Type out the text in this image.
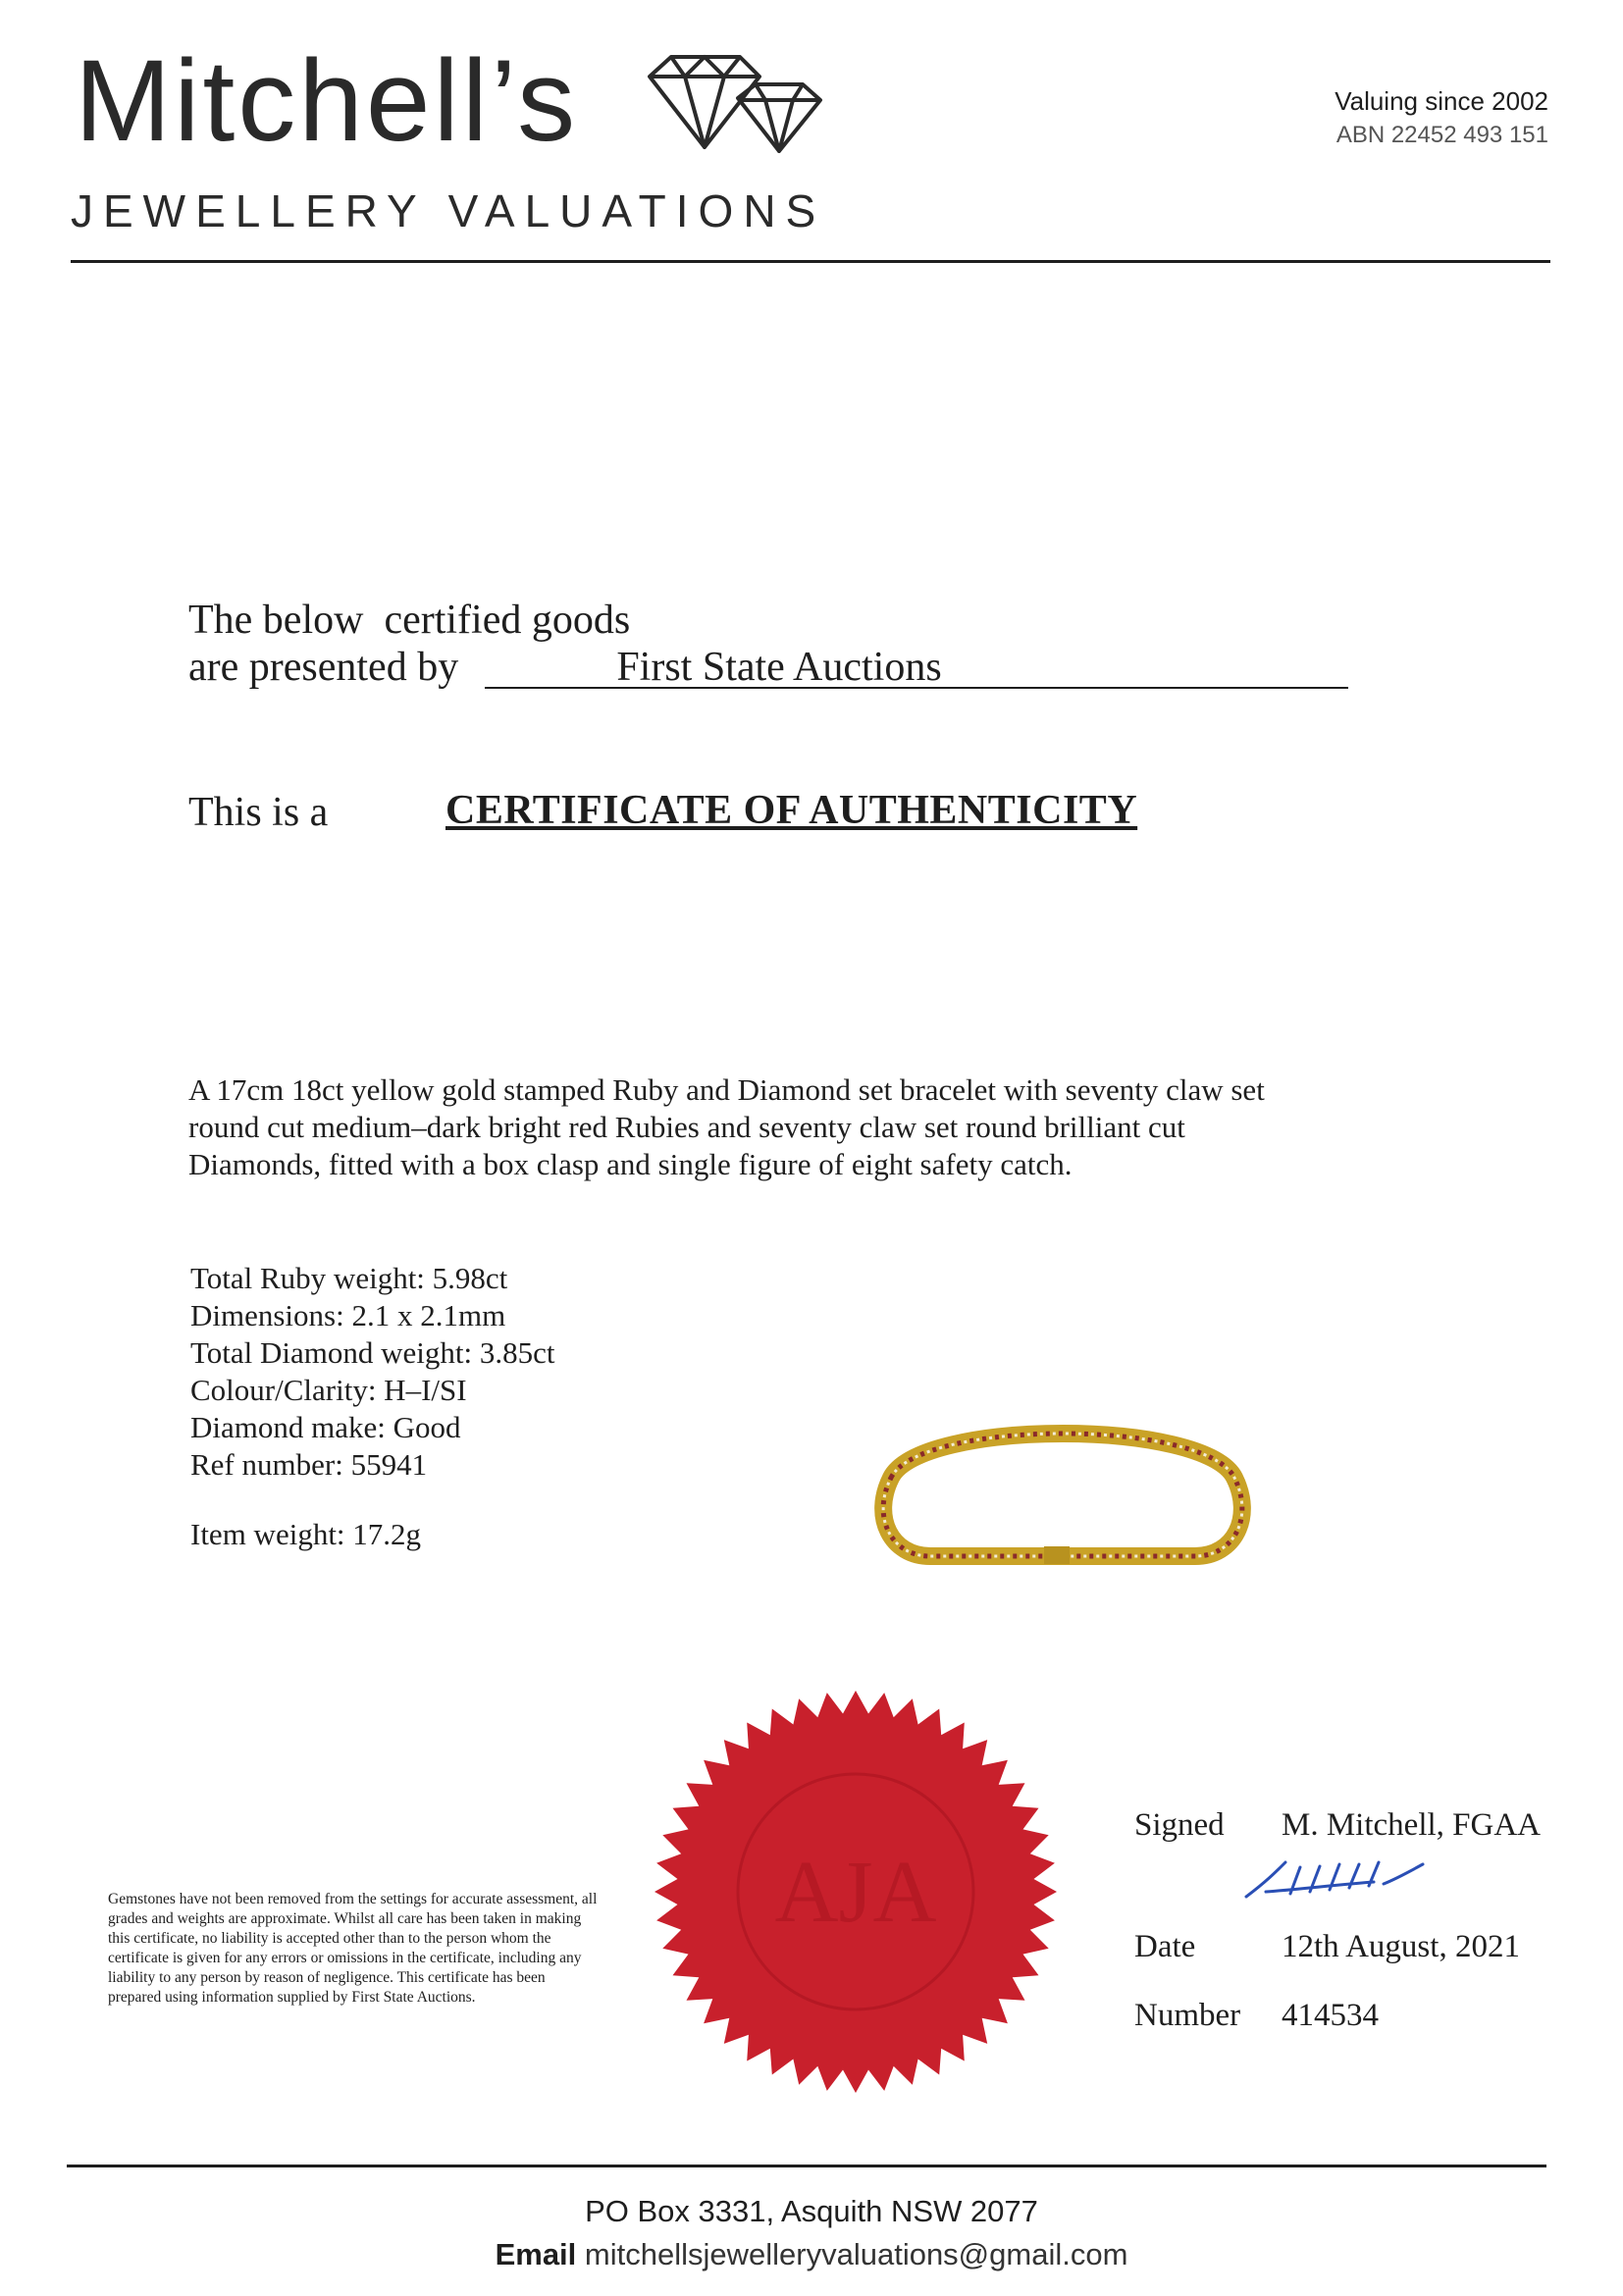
Mitchell’s
JEWELLERY VALUATIONS
Valuing since 2002
ABN 22452 493 151
The below  certified goods
are presented by	First State Auctions
This is a	CERTIFICATE OF AUTHENTICITY
A 17cm 18ct yellow gold stamped Ruby and Diamond set bracelet with seventy claw set round cut medium–dark bright red Rubies and seventy claw set round brilliant cut Diamonds, fitted with a box clasp and single figure of eight safety catch.
Total Ruby weight: 5.98ct
Dimensions: 2.1 x 2.1mm
Total Diamond weight: 3.85ct
Colour/Clarity: H–I/SI
Diamond make: Good
Ref number: 55941
Item weight: 17.2g
AJA
Signed M. Mitchell, FGAA
Date	12th August, 2021
Number 414534
Gemstones have not been removed from the settings for accurate assessment, all grades and weights are approximate. Whilst all care has been taken in making this certificate, no liability is accepted other than to the person whom the certificate is given for any errors or omissions in the certificate, including any liability to any person by reason of negligence. This certificate has been prepared using information supplied by First State Auctions.
PO Box 3331, Asquith NSW 2077
Email mitchellsjewelleryvaluations@gmail.com
